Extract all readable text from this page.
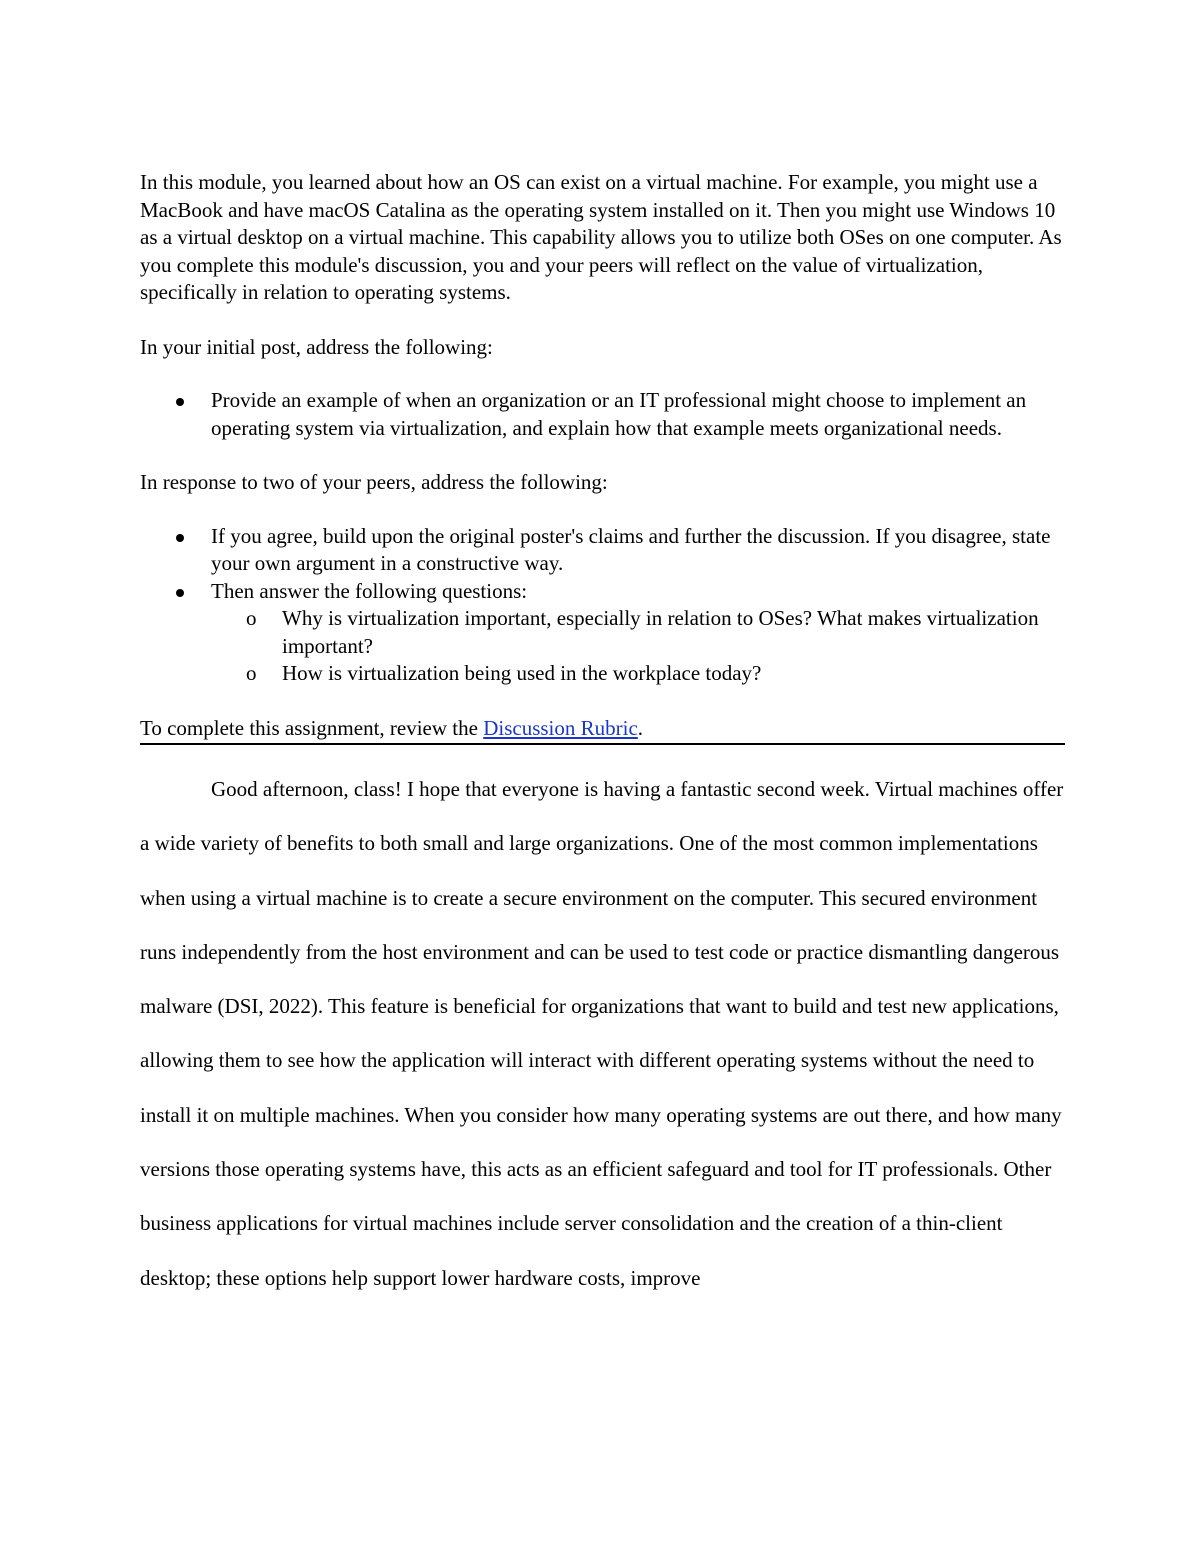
In this module, you learned about how an OS can exist on a virtual machine. For example, you might use a MacBook and have macOS Catalina as the operating system installed on it. Then you might use Windows 10 as a virtual desktop on a virtual machine. This capability allows you to utilize both OSes on one computer. As you complete this module's discussion, you and your peers will reflect on the value of virtualization, specifically in relation to operating systems.

In your initial post, address the following:

Provide an example of when an organization or an IT professional might choose to implement an operating system via virtualization, and explain how that example meets organizational needs.

In response to two of your peers, address the following:

If you agree, build upon the original poster's claims and further the discussion. If you disagree, state your own argument in a constructive way.
Then answer the following questions:
o Why is virtualization important, especially in relation to OSes? What makes virtualization important?
o How is virtualization being used in the workplace today?

To complete this assignment, review the Discussion Rubric.

Good afternoon, class! I hope that everyone is having a fantastic second week. Virtual machines offer a wide variety of benefits to both small and large organizations. One of the most common implementations when using a virtual machine is to create a secure environment on the computer. This secured environment runs independently from the host environment and can be used to test code or practice dismantling dangerous malware (DSI, 2022). This feature is beneficial for organizations that want to build and test new applications, allowing them to see how the application will interact with different operating systems without the need to install it on multiple machines. When you consider how many operating systems are out there, and how many versions those operating systems have, this acts as an efficient safeguard and tool for IT professionals. Other business applications for virtual machines include server consolidation and the creation of a thin-client desktop; these options help support lower hardware costs, improve
